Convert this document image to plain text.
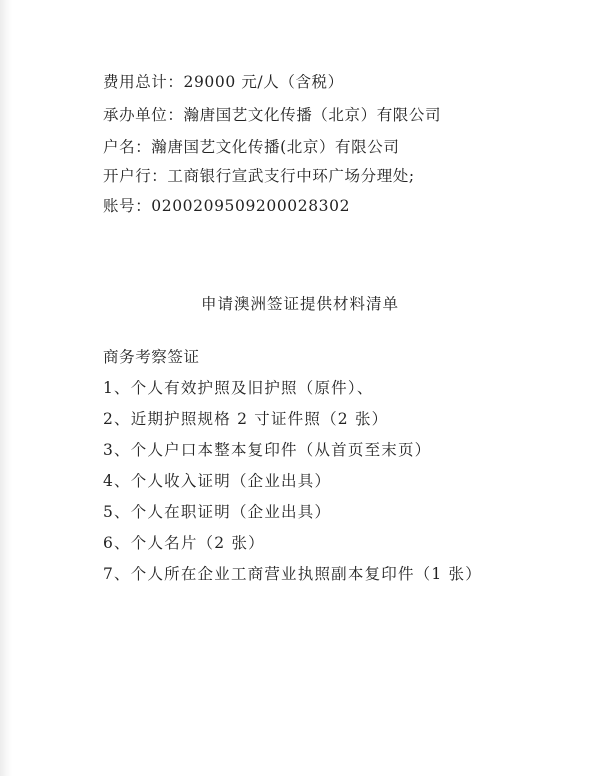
费用总计：29000 元/人（含税）
承办单位：瀚唐国艺文化传播（北京）有限公司
户名：瀚唐国艺文化传播(北京）有限公司
开户行：工商银行宣武支行中环广场分理处;
账号：0200209509200028302
申请澳洲签证提供材料清单
商务考察签证
1、个人有效护照及旧护照（原件）、
2、近期护照规格 2 寸证件照（2 张）
3、个人户口本整本复印件（从首页至末页）
4、个人收入证明（企业出具）
5、个人在职证明（企业出具）
6、个人名片（2 张）
7、个人所在企业工商营业执照副本复印件（1 张）
